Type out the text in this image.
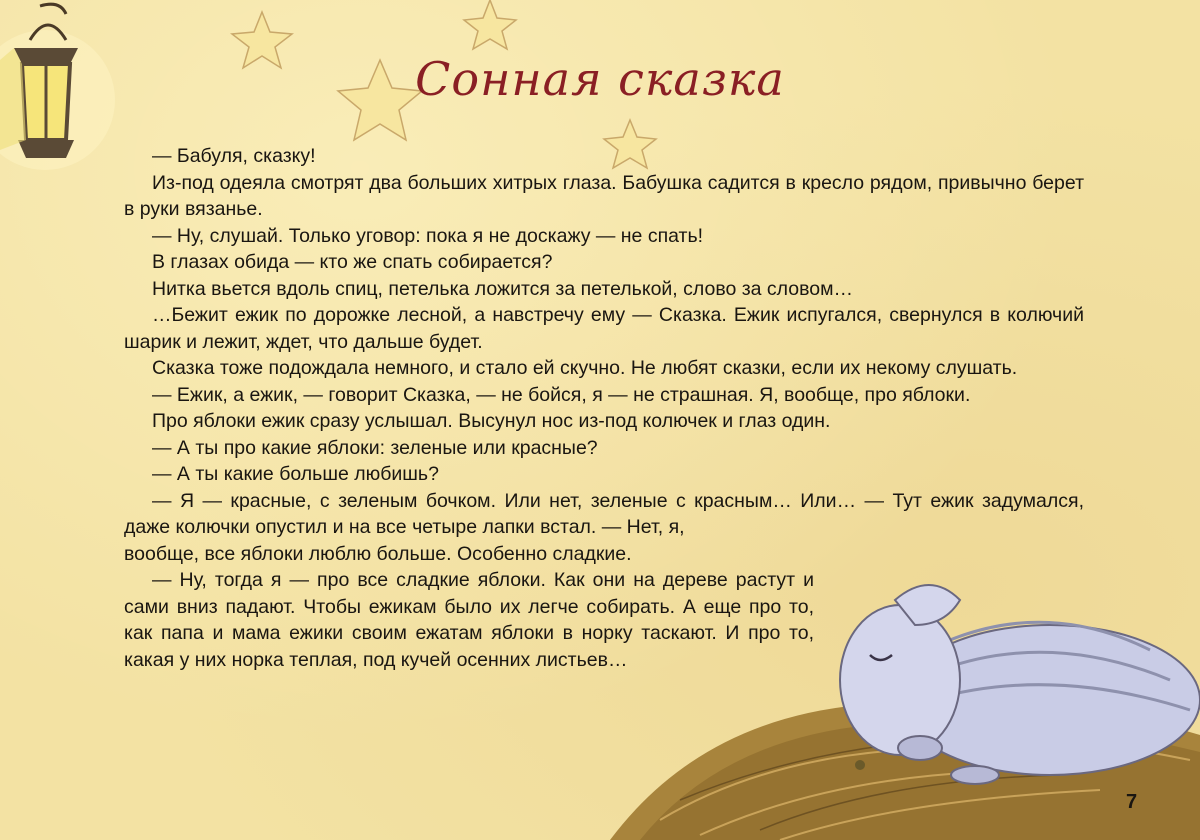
Сонная сказка

— Бабуля, сказку!

Из-под одеяла смотрят два больших хитрых глаза. Бабушка садится в кресло рядом, привычно берет в руки вязанье.

— Ну, слушай. Только уговор: пока я не доскажу — не спать!

В глазах обида — кто же спать собирается?

Нитка вьется вдоль спиц, петелька ложится за петелькой, слово за словом…

…Бежит ежик по дорожке лесной, а навстречу ему — Сказка. Ежик испугался, свернулся в колючий шарик и лежит, ждет, что дальше будет.

Сказка тоже подождала немного, и стало ей скучно. Не любят сказки, если их некому слушать.

— Ежик, а ежик, — говорит Сказка, — не бойся, я — не страшная. Я, вообще, про яблоки.

Про яблоки ежик сразу услышал. Высунул нос из-под колючек и глаз один.

— А ты про какие яблоки: зеленые или красные?

— А ты какие больше любишь?

— Я — красные, с зеленым бочком. Или нет, зеленые с красным… Или… — Тут ежик задумался, даже колючки опустил и на все четыре лапки встал. — Нет, я,

вообще, все яблоки люблю больше. Особенно сладкие.

— Ну, тогда я — про все сладкие яблоки. Как они на дереве растут и сами вниз падают. Чтобы ежикам было их легче собирать. А еще про то, как папа и мама ежики своим ежатам яблоки в норку таскают. И про то, какая у них норка теплая, под кучей осенних листьев…

7
